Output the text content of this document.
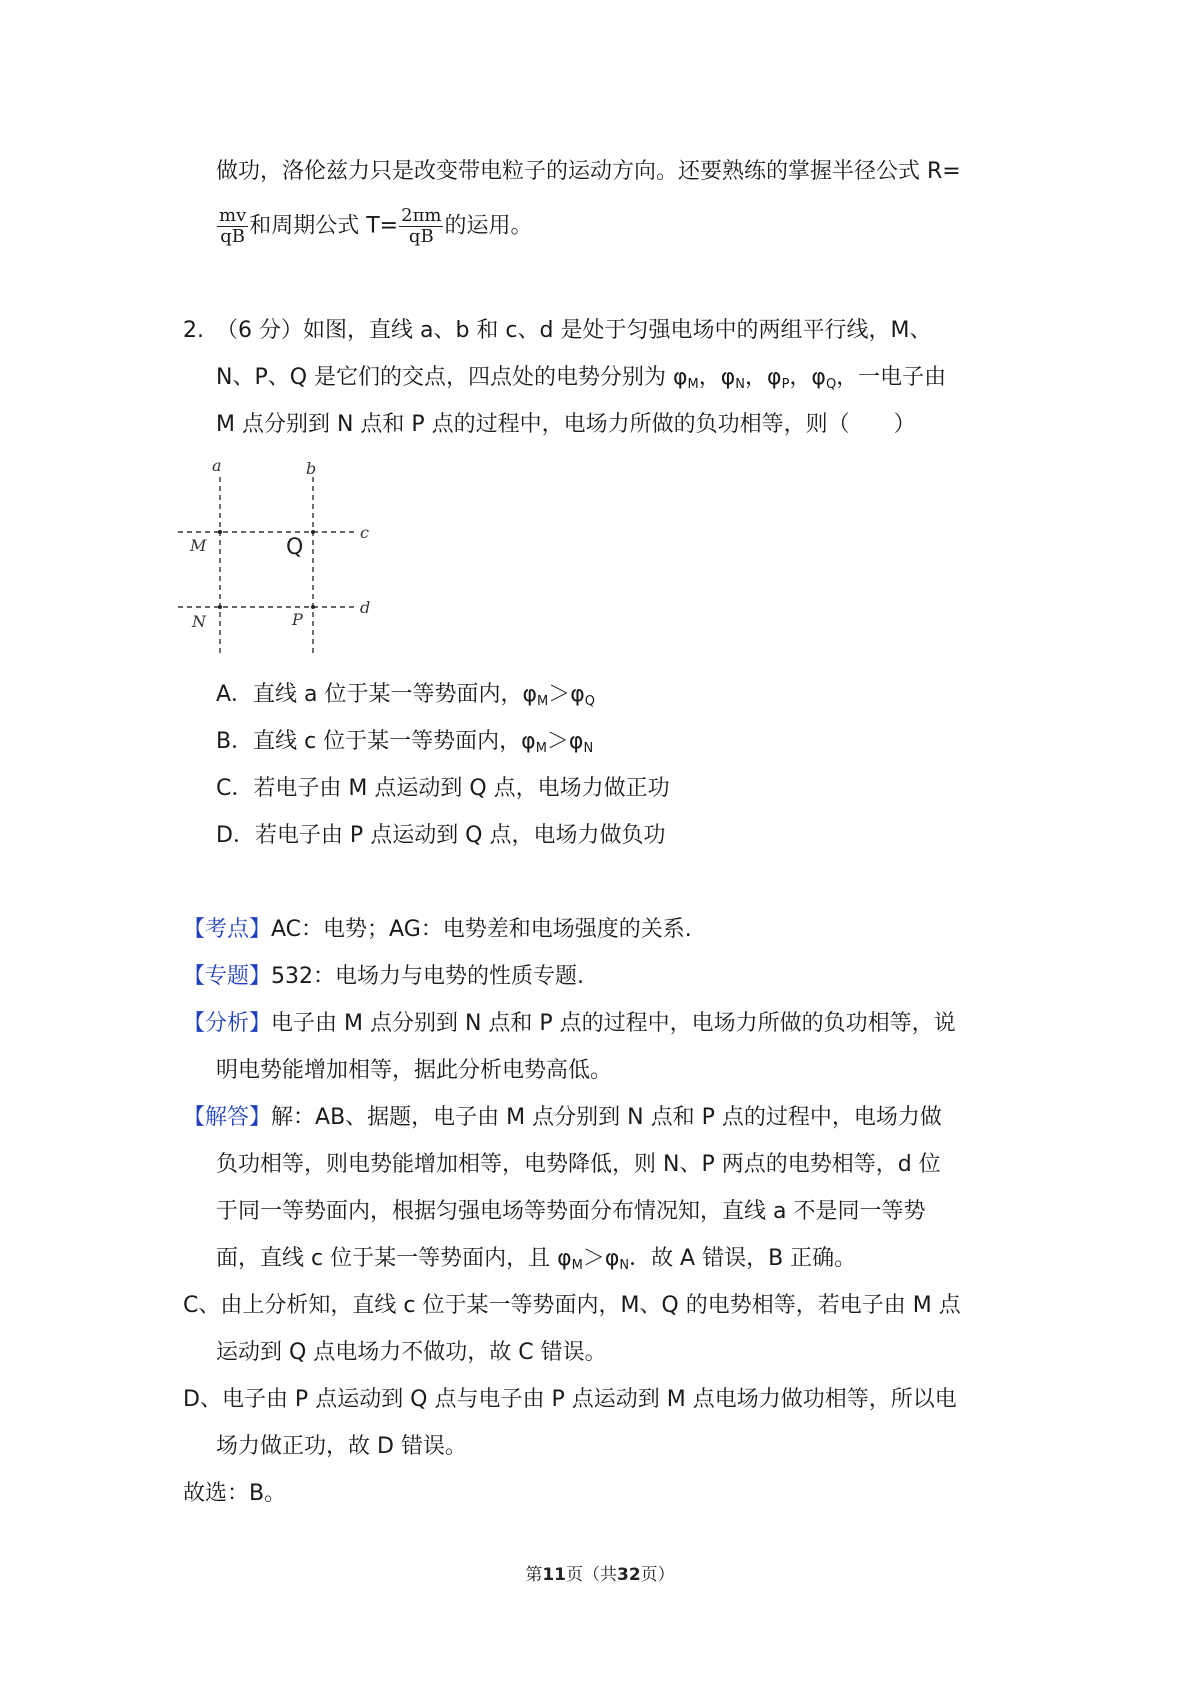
做功，洛伦兹力只是改变带电粒子的运动方向。还要熟练的掌握半径公式 R=
$\frac{mv}{qB}$ 和周期公式 $T= \frac{2\pi m}{qB}$ 的运用。
2. （6 分）如图，直线 a、b 和 c、d 是处于匀强电场中的两组平行线，M、
N、P、Q 是它们的交点，四点处的电势分别为 $\varphi_M$，$\varphi_N$，$\varphi_P$，$\varphi_Q$，一电子由
M 点分别到 N 点和 P 点的过程中，电场力所做的负功相等，则（　　）
a	b
c
d
M
N	P
Q
A．直线 a 位于某一等势面内，$\varphi_M>\varphi_Q$
B．直线 c 位于某一等势面内，$\varphi_M>\varphi_N$
C．若电子由 M 点运动到 Q 点，电场力做正功
D．若电子由 P 点运动到 Q 点，电场力做负功
【考点】AC：电势；AG：电势差和电场强度的关系.
【专题】532：电场力与电势的性质专题.
【分析】电子由 M 点分别到 N 点和 P 点的过程中，电场力所做的负功相等，说
明电势能增加相等，据此分析电势高低。
【解答】解：AB、据题，电子由 M 点分别到 N 点和 P 点的过程中，电场力做
负功相等，则电势能增加相等，电势降低，则 N、P 两点的电势相等，d 位
于同一等势面内，根据匀强电场等势面分布情况知，直线 a 不是同一等势
面，直线 c 位于某一等势面内，且 $\varphi_M>\varphi_N$．故 A 错误，B 正确。
C、由上分析知，直线 c 位于某一等势面内，M、Q 的电势相等，若电子由 M 点
运动到 Q 点电场力不做功，故 C 错误。
D、电子由 P 点运动到 Q 点与电子由 P 点运动到 M 点电场力做功相等，所以电
场力做正功，故 D 错误。
故选：B。
第11页（共32页）
